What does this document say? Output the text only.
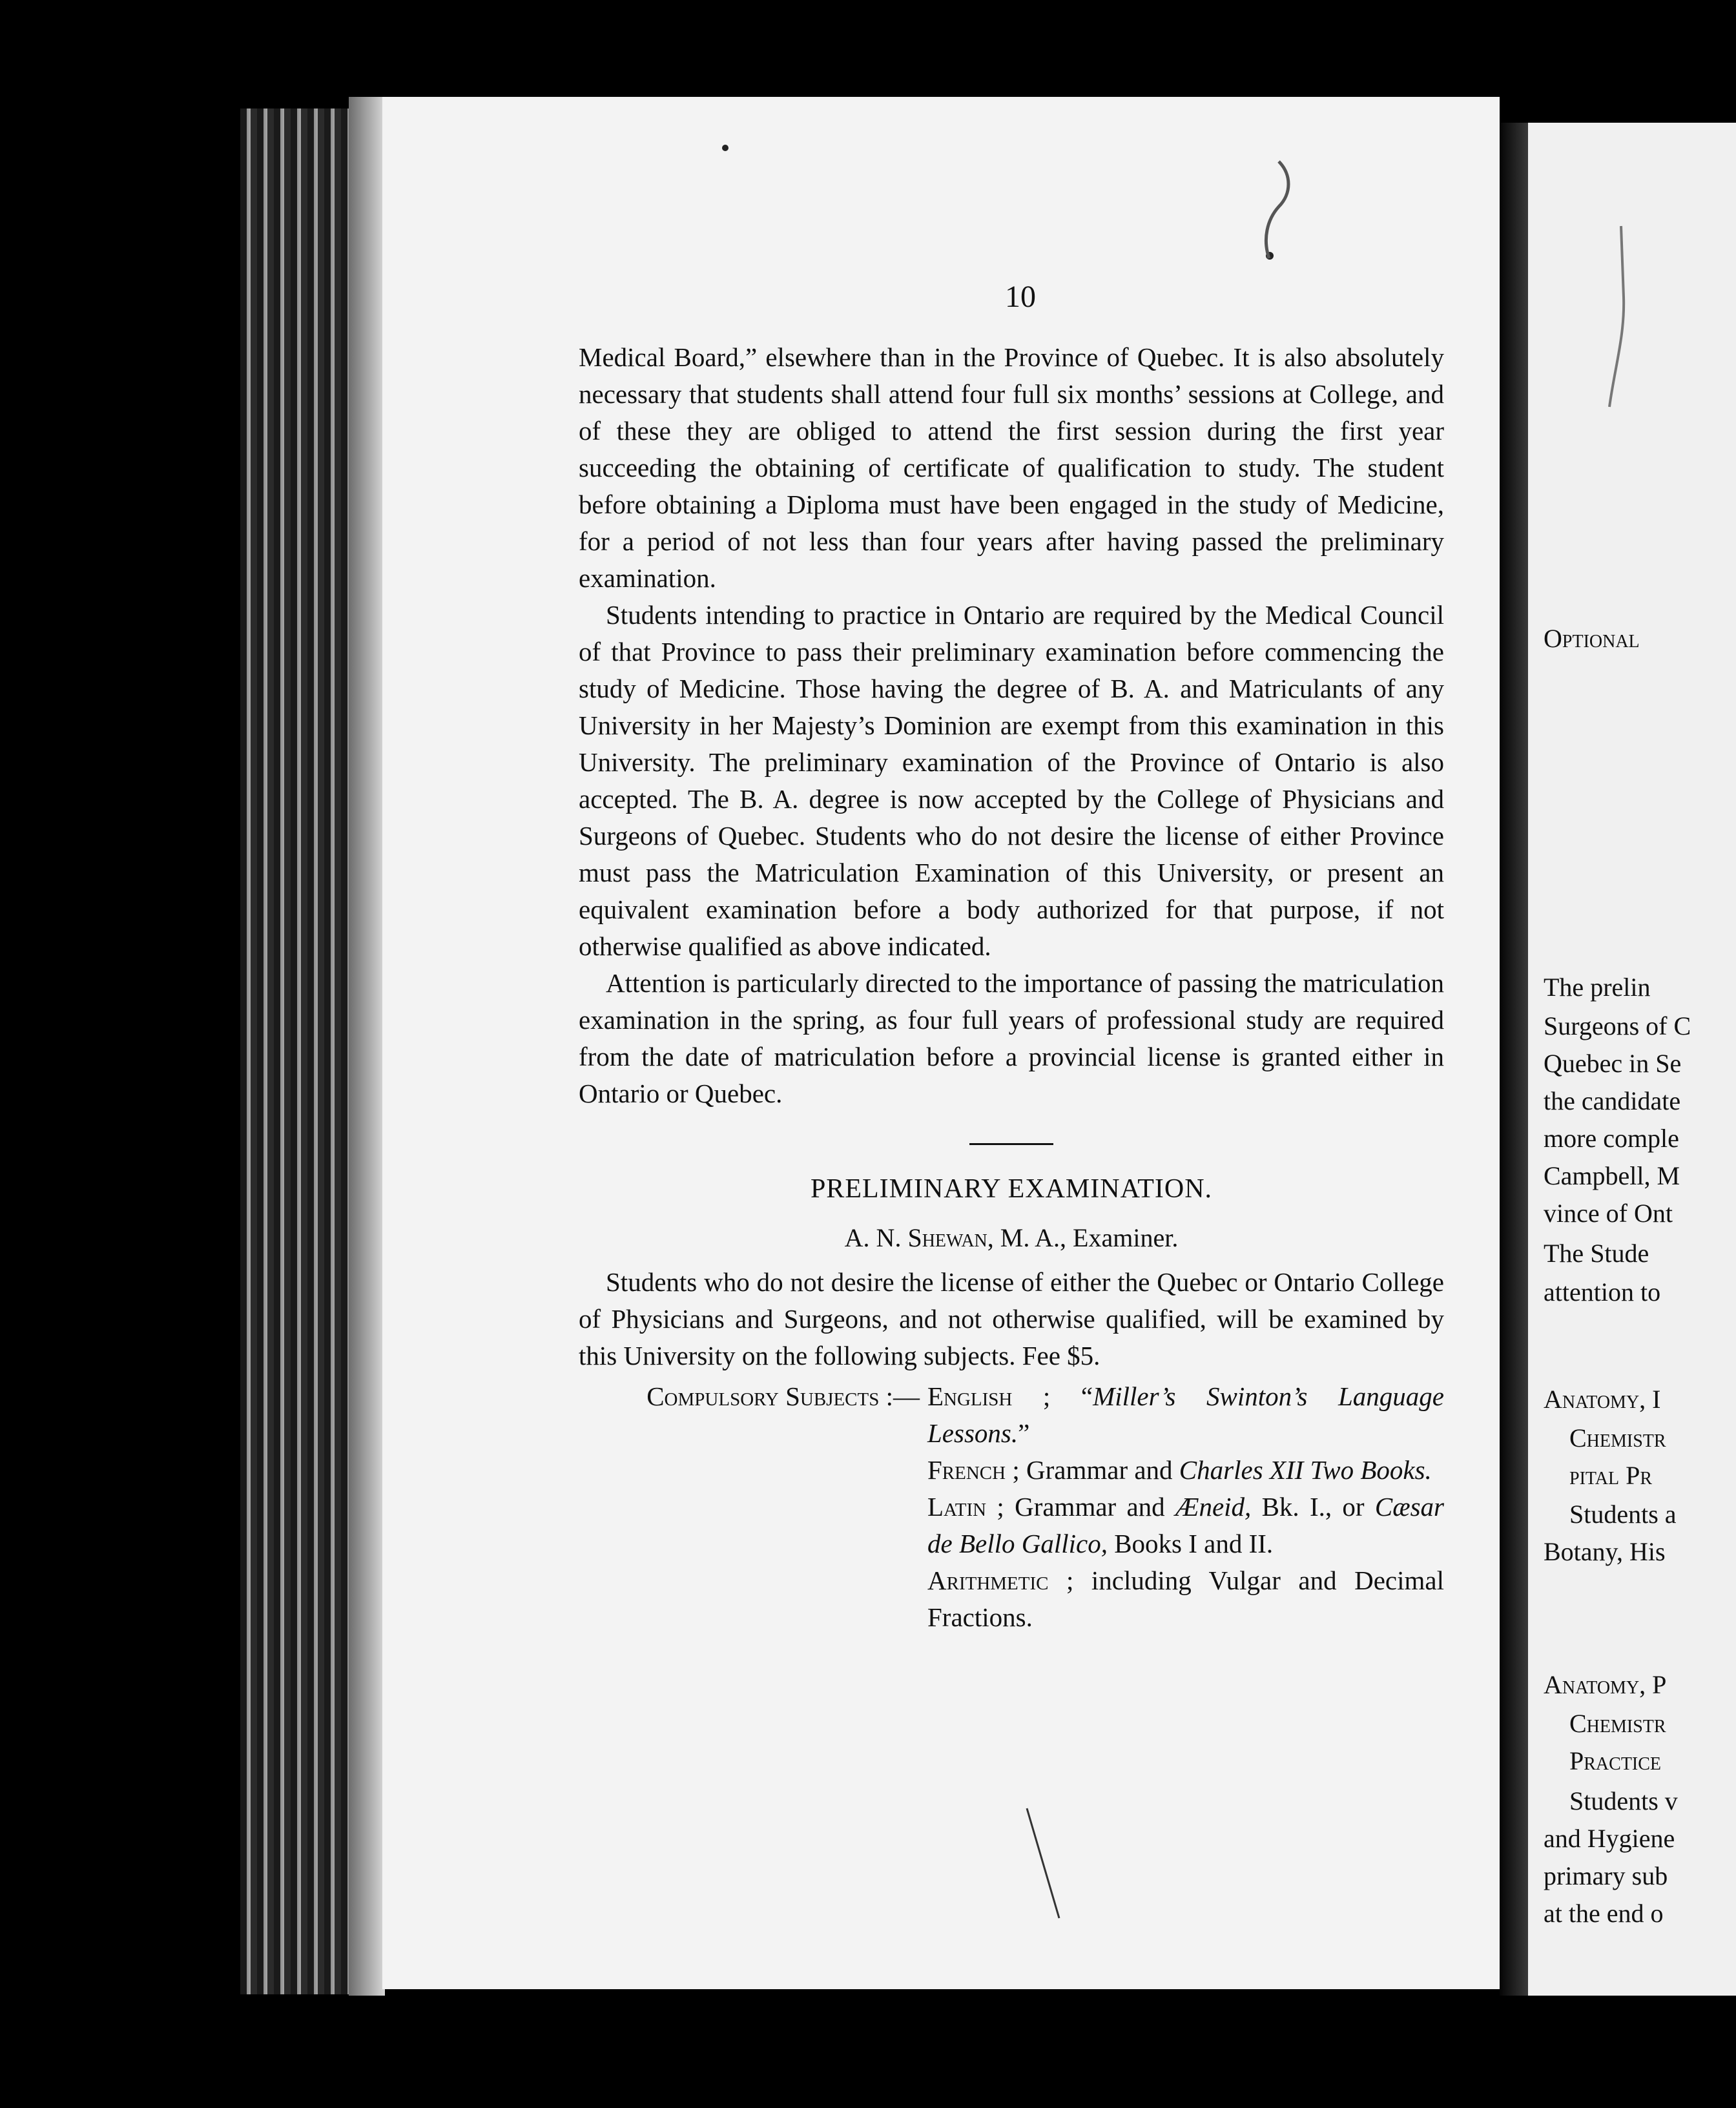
10

Medical Board,” elsewhere than in the Province of Quebec. It is also absolutely necessary that students shall attend four full six months’ sessions at College, and of these they are obliged to attend the first session during the first year succeeding the obtaining of certificate of qualification to study. The student before obtaining a Diploma must have been engaged in the study of Medicine, for a period of not less than four years after having passed the preliminary examination.

Students intending to practice in Ontario are required by the Medical Council of that Province to pass their preliminary examination before commencing the study of Medicine. Those having the degree of B. A. and Matriculants of any University in her Majesty’s Dominion are exempt from this examination in this University. The preliminary examination of the Province of Ontario is also accepted. The B. A. degree is now accepted by the College of Physicians and Surgeons of Quebec. Students who do not desire the license of either Province must pass the Matriculation Examination of this University, or present an equivalent examination before a body authorized for that purpose, if not otherwise qualified as above indicated.

Attention is particularly directed to the importance of passing the matriculation examination in the spring, as four full years of professional study are required from the date of matriculation before a provincial license is granted either in Ontario or Quebec.

PRELIMINARY EXAMINATION.
A. N. Shewan, M. A., Examiner.

Students who do not desire the license of either the Quebec or Ontario College of Physicians and Surgeons, and not otherwise qualified, will be examined by this University on the following subjects. Fee $5.

Compulsory Subjects :— English ; “Miller’s Swinton’s Language Lessons.”
French ; Grammar and Charles XII Two Books.
Latin ; Grammar and Æneid, Bk. I., or Cæsar de Bello Gallico, Books I and II.
Arithmetic ; including Vulgar and Decimal Fractions.
Optional
The prelin
Surgeons of C
Quebec in Se
the candidate
more comple
Campbell, M
vince of Ont
The Stude
attention to
Anatomy, I
Chemistr
pital Pr
Students a
Botany, His
Anatomy, P
Chemistr
Practice
Students v
and Hygiene
primary sub
at the end o
